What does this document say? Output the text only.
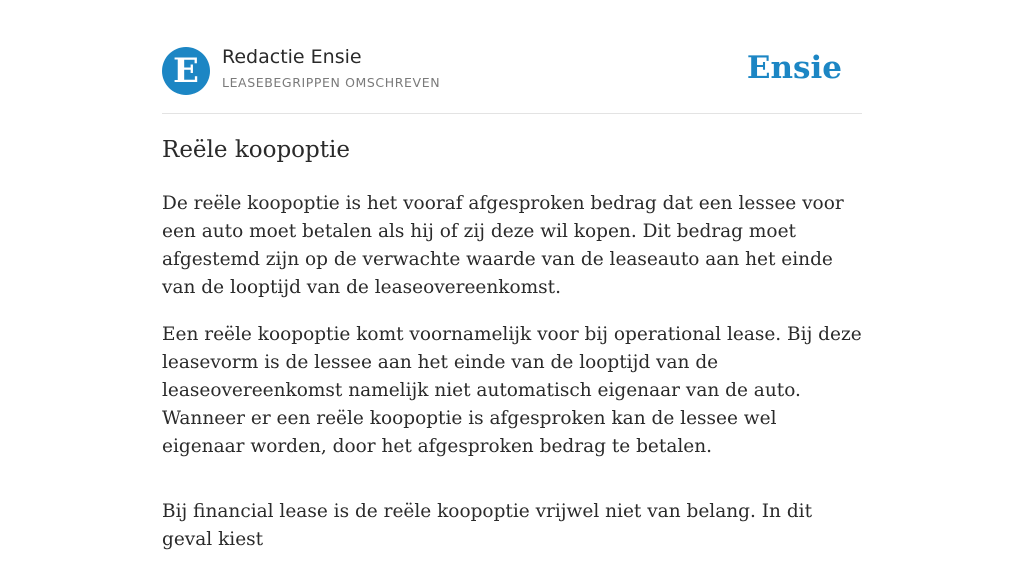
E	Redactie Ensie
LEASEBEGRIPPEN OMSCHREVEN	Ensie
Reële koopoptie

De reële koopoptie is het vooraf afgesproken bedrag dat een lessee voor een auto moet betalen als hij of zij deze wil kopen. Dit bedrag moet afgestemd zijn op de verwachte waarde van de leaseauto aan het einde van de looptijd van de leaseovereenkomst.

Een reële koopoptie komt voornamelijk voor bij operational lease. Bij deze leasevorm is de lessee aan het einde van de looptijd van de leaseovereenkomst namelijk niet automatisch eigenaar van de auto. Wanneer er een reële koopoptie is afgesproken kan de lessee wel eigenaar worden, door het afgesproken bedrag te betalen.

Bij financial lease is de reële koopoptie vrijwel niet van belang. In dit geval kiest
